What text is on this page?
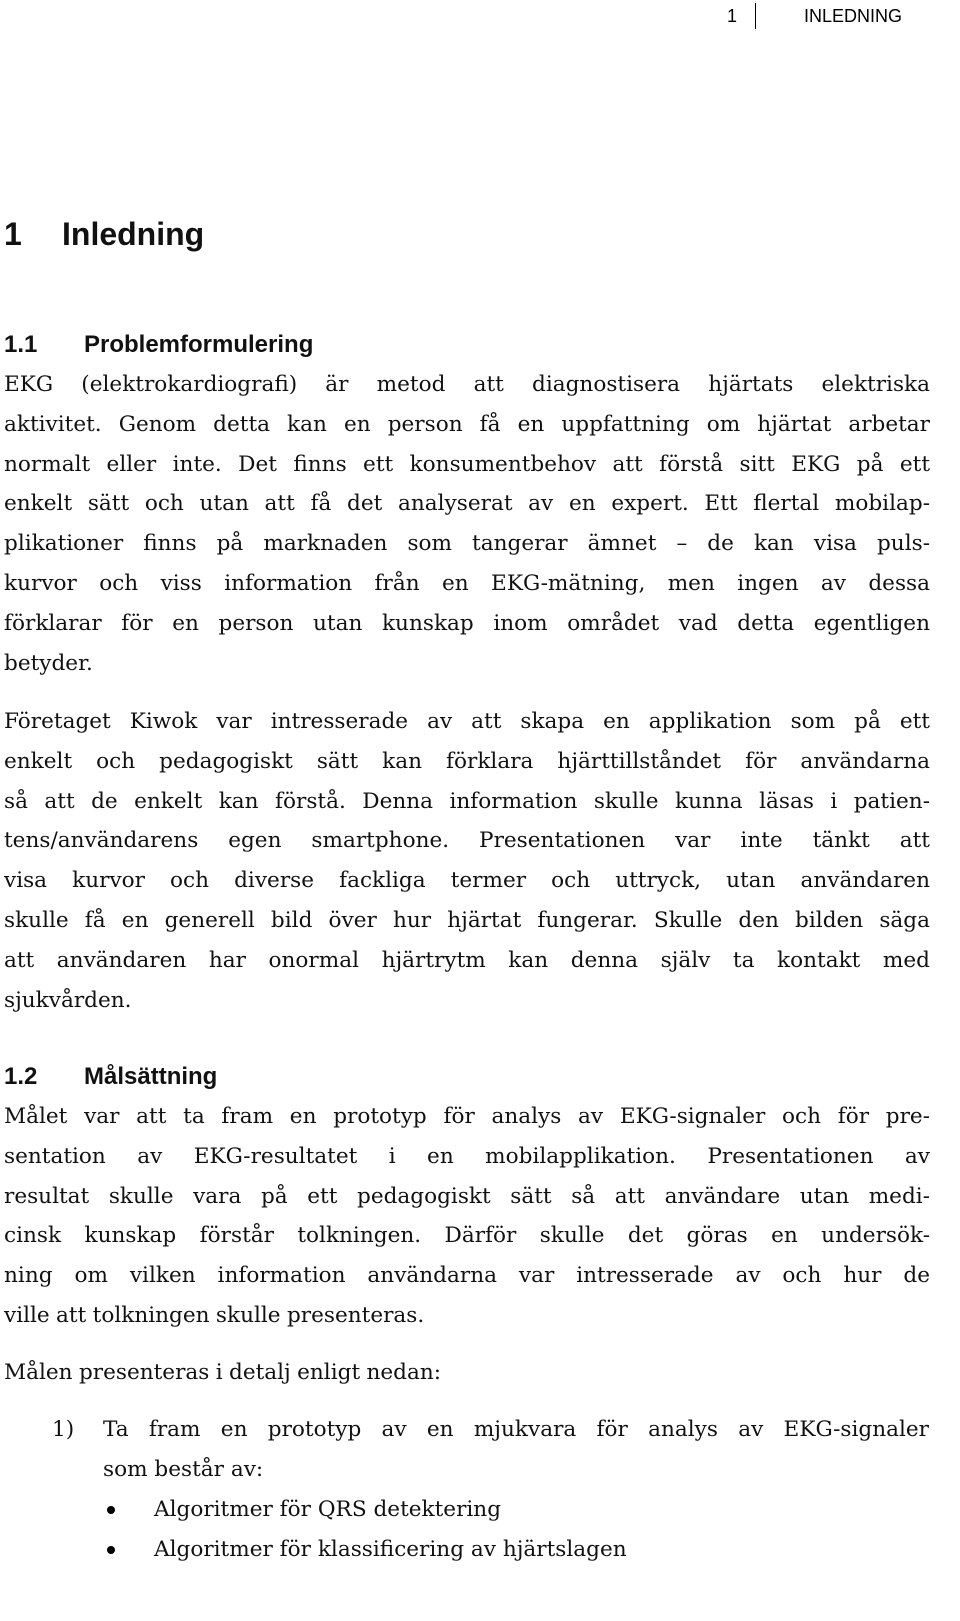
1	INLEDNING
1	Inledning
1.1	Problemformulering

EKG (elektrokardiografi) är metod att diagnostisera hjärtats elektriska
aktivitet. Genom detta kan en person få en uppfattning om hjärtat arbetar
normalt eller inte. Det finns ett konsumentbehov att förstå sitt EKG på ett
enkelt sätt och utan att få det analyserat av en expert. Ett flertal mobilap-
plikationer finns på marknaden som tangerar ämnet – de kan visa puls-
kurvor och viss information från en EKG-mätning, men ingen av dessa
förklarar för en person utan kunskap inom området vad detta egentligen
betyder.

Företaget Kiwok var intresserade av att skapa en applikation som på ett
enkelt och pedagogiskt sätt kan förklara hjärttillståndet för användarna
så att de enkelt kan förstå. Denna information skulle kunna läsas i patien-
tens/användarens egen smartphone. Presentationen var inte tänkt att
visa kurvor och diverse fackliga termer och uttryck, utan användaren
skulle få en generell bild över hur hjärtat fungerar. Skulle den bilden säga
att användaren har onormal hjärtrytm kan denna själv ta kontakt med
sjukvården.

1.2	Målsättning

Målet var att ta fram en prototyp för analys av EKG-signaler och för pre-
sentation av EKG-resultatet i en mobilapplikation. Presentationen av
resultat skulle vara på ett pedagogiskt sätt så att användare utan medi-
cinsk kunskap förstår tolkningen. Därför skulle det göras en undersök-
ning om vilken information användarna var intresserade av och hur de
ville att tolkningen skulle presenteras.

Målen presenteras i detalj enligt nedan:

1) Ta fram en prototyp av en mjukvara för analys av EKG-signaler
som består av:
Algoritmer för QRS detektering
Algoritmer för klassificering av hjärtslagen
